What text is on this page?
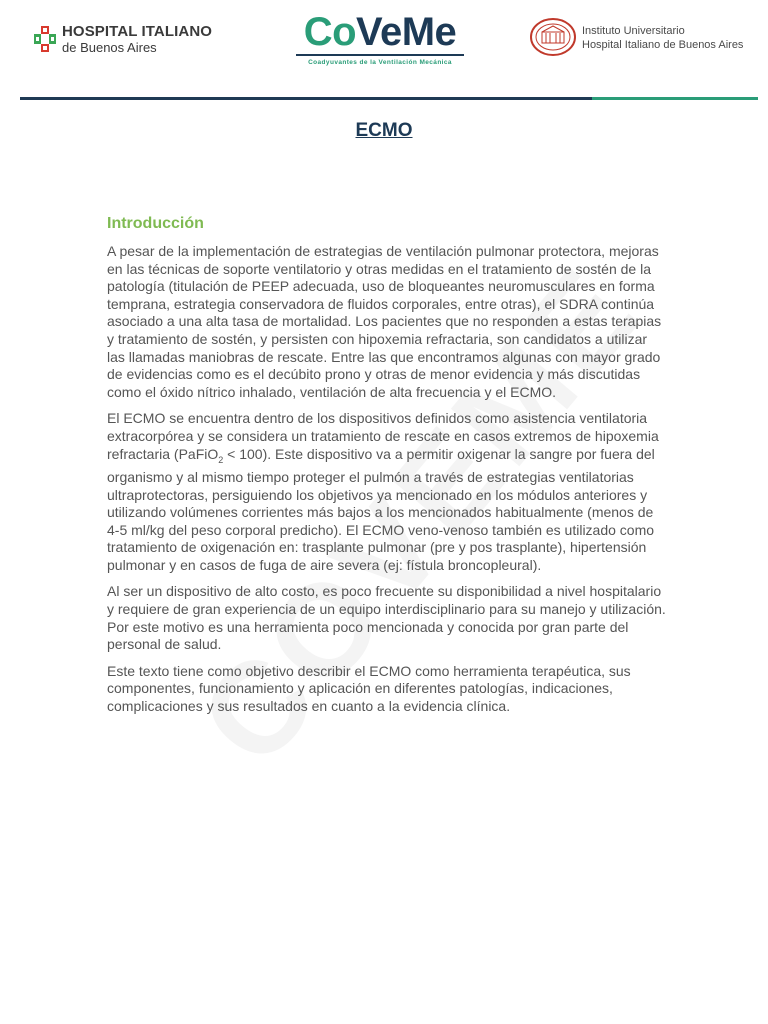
HOSPITAL ITALIANO
de Buenos Aires	CoVeMe
Coadyuvantes de la Ventilación Mecánica
Instituto Universitario
Hospital Italiano de Buenos Aires
ECMO
Introducción

A pesar de la implementación de estrategias de ventilación pulmonar protectora, mejoras en las técnicas de soporte ventilatorio y otras medidas en el tratamiento de sostén de la patología (titulación de PEEP adecuada, uso de bloqueantes neuromusculares en forma temprana, estrategia conservadora de fluidos corporales, entre otras), el SDRA continúa asociado a una alta tasa de mortalidad. Los pacientes que no responden a estas terapias y tratamiento de sostén, y persisten con hipoxemia refractaria, son candidatos a utilizar las llamadas maniobras de rescate. Entre las que encontramos algunas con mayor grado de evidencias como es el decúbito prono y otras de menor evidencia y más discutidas como el óxido nítrico inhalado, ventilación de alta frecuencia y el ECMO.

El ECMO se encuentra dentro de los dispositivos definidos como asistencia ventilatoria extracorpórea y se considera un tratamiento de rescate en casos extremos de hipoxemia refractaria (PaFiO$_2$ < 100). Este dispositivo va a permitir oxigenar la sangre por fuera del organismo y al mismo tiempo proteger el pulmón a través de estrategias ventilatorias ultraprotectoras, persiguiendo los objetivos ya mencionado en los módulos anteriores y utilizando volúmenes corrientes más bajos a los mencionados habitualmente (menos de 4-5 ml/kg del peso corporal predicho). El ECMO veno-venoso también es utilizado como tratamiento de oxigenación en: trasplante pulmonar (pre y pos trasplante), hipertensión pulmonar y en casos de fuga de aire severa (ej: fístula broncopleural).

Al ser un dispositivo de alto costo, es poco frecuente su disponibilidad a nivel hospitalario y requiere de gran experiencia de un equipo interdisciplinario para su manejo y utilización. Por este motivo es una herramienta poco mencionada y conocida por gran parte del personal de salud.

Este texto tiene como objetivo describir el ECMO como herramienta terapéutica, sus componentes, funcionamiento y aplicación en diferentes patologías, indicaciones, complicaciones y sus resultados en cuanto a la evidencia clínica.
